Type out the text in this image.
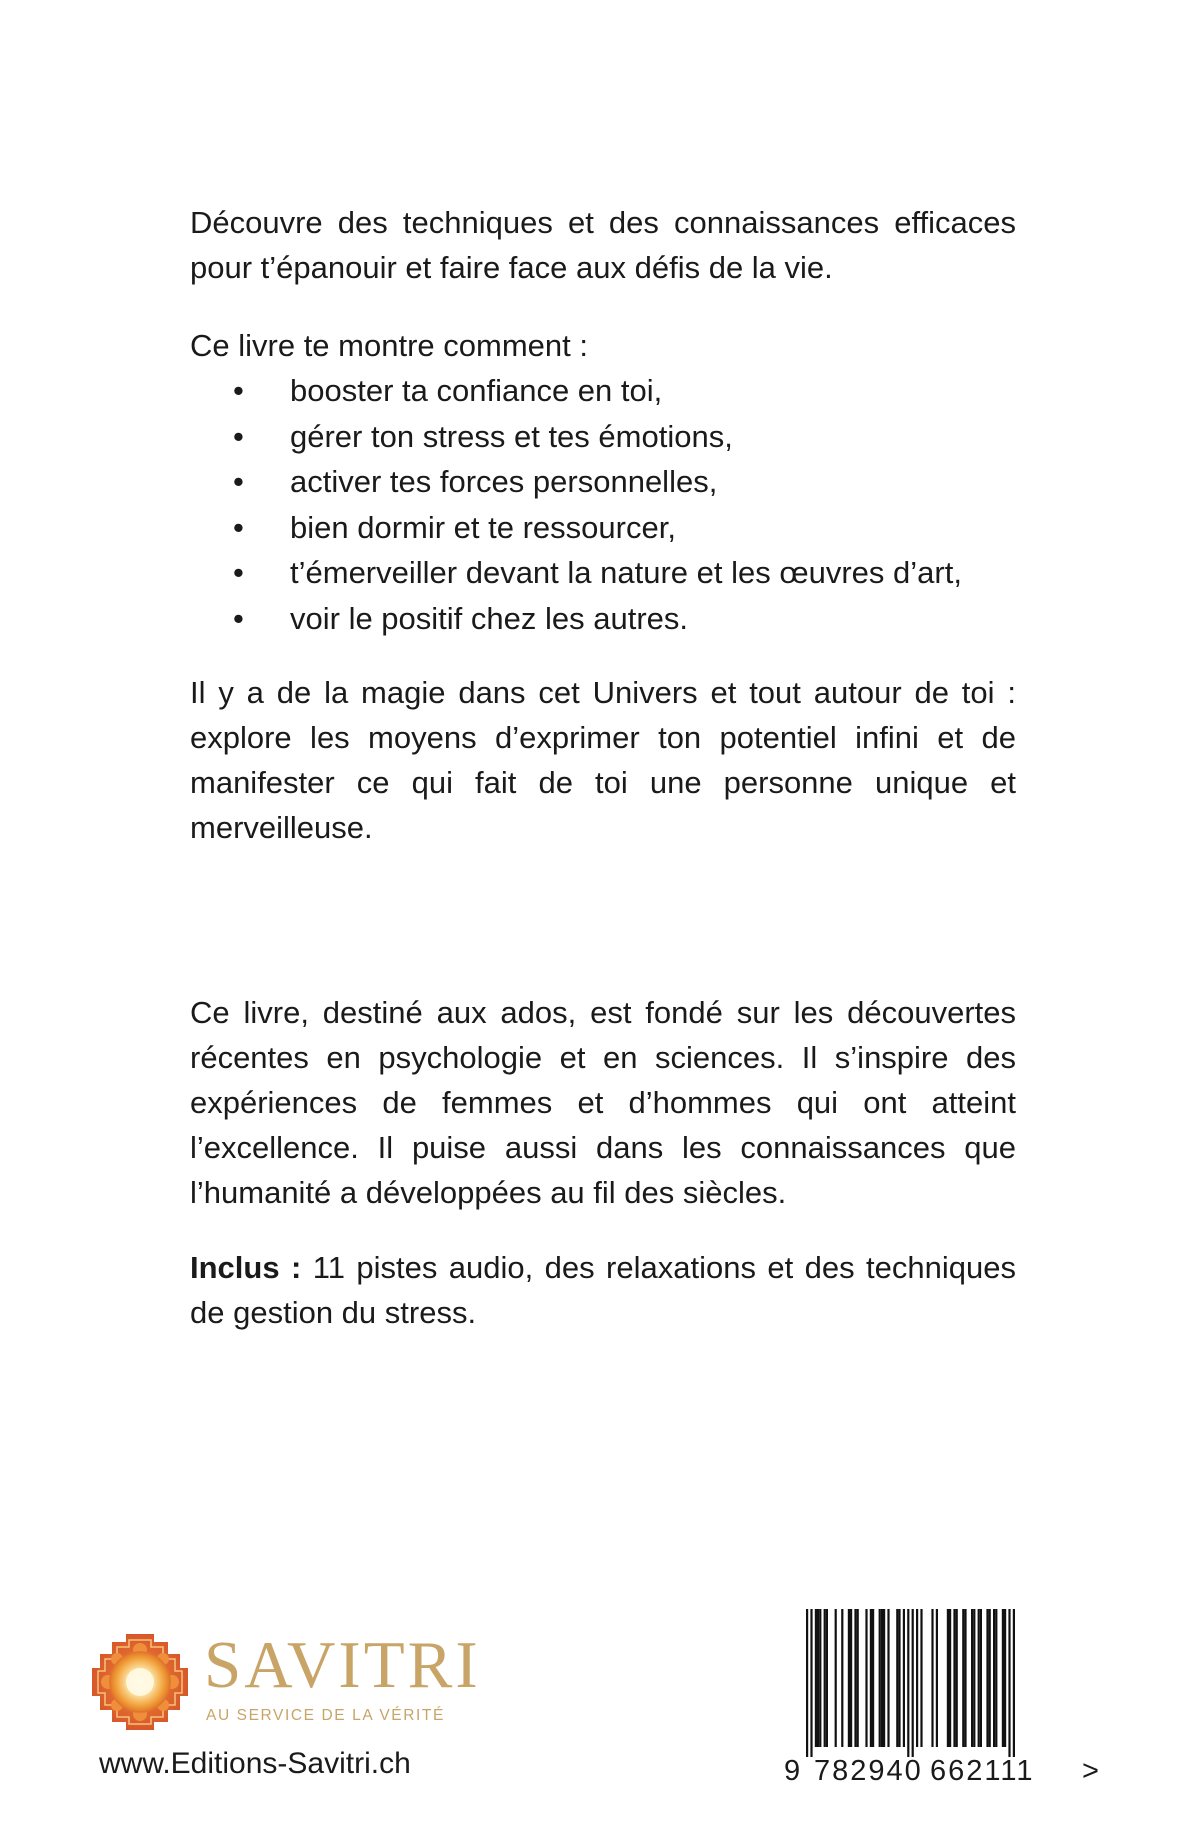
Découvre des techniques et des connaissances efficaces pour t’épanouir et faire face aux défis de la vie.

Ce livre te montre comment :

• booster ta confiance en toi,
• gérer ton stress et tes émotions,
• activer tes forces personnelles,
• bien dormir et te ressourcer,
• t’émerveiller devant la nature et les œuvres d’art,
• voir le positif chez les autres.

Il y a de la magie dans cet Univers et tout autour de toi : explore les moyens d’exprimer ton potentiel infini et de manifester ce qui fait de toi une personne unique et merveilleuse.

Ce livre, destiné aux ados, est fondé sur les découvertes récentes en psychologie et en sciences. Il s’inspire des expériences de femmes et d’hommes qui ont atteint l’excellence. Il puise aussi dans les connaissances que l’humanité a développées au fil des siècles.

Inclus : 11 pistes audio, des relaxations et des techniques de gestion du stress.

SAVITRI
AU SERVICE DE LA VÉRITÉ
www.Editions-Savitri.ch	9 782940 662111 >
